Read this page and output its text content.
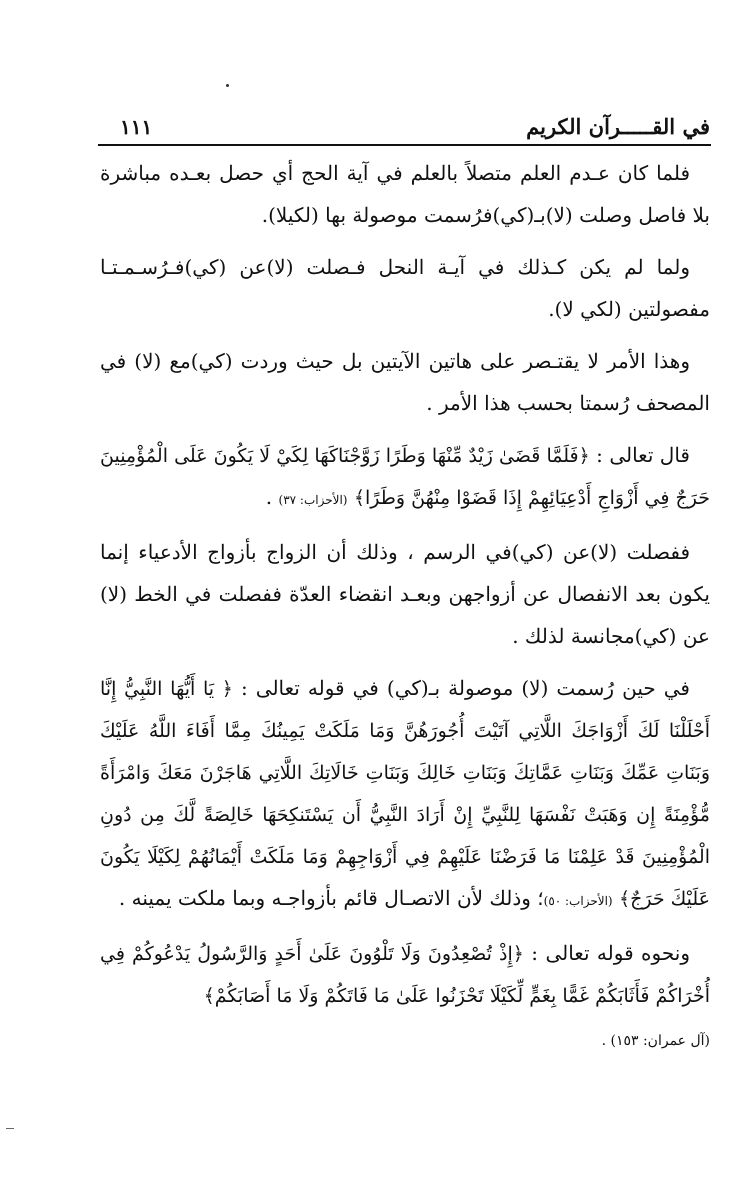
في القـــــرآن الكريم
١١١

فلما كان عـدم العلم متصلاً بالعلم في آية الحج أي حصل بعـده مباشرة بلا فاصل وصلت (لا)بـ(كي)فرُسمت موصولة بها (لكيلا).

ولما لم يكن كـذلك في آيـة النحل فـصلت (لا)عن (كي)فـرُسـمـتـا مفصولتين (لكي لا).

وهذا الأمر لا يقتـصر على هاتين الآيتين بل حيث وردت (كي)مع (لا) في المصحف رُسمتا بحسب هذا الأمر .

قال تعالى : ﴿فَلَمَّا قَضَىٰ زَيْدٌ مِّنْهَا وَطَرًا زَوَّجْنَاكَهَا لِكَيْ لَا يَكُونَ عَلَى الْمُؤْمِنِينَ حَرَجٌ فِي أَزْوَاجِ أَدْعِيَائِهِمْ إِذَا قَضَوْا مِنْهُنَّ وَطَرًا﴾ (الأحزاب: ٣٧) .

ففصلت (لا)عن (كي)في الرسم ، وذلك أن الزواج بأزواج الأدعياء إنما يكون بعد الانفصال عن أزواجهن وبعـد انقضاء العدّة ففصلت في الخط (لا) عن (كي)مجانسة لذلك .

في حين رُسمت (لا) موصولة بـ(كي) في قوله تعالى : ﴿ يَا أَيُّهَا النَّبِيُّ إِنَّا أَحْلَلْنَا لَكَ أَزْوَاجَكَ اللَّاتِي آتَيْتَ أُجُورَهُنَّ وَمَا مَلَكَتْ يَمِينُكَ مِمَّا أَفَاءَ اللَّهُ عَلَيْكَ وَبَنَاتِ عَمِّكَ وَبَنَاتِ عَمَّاتِكَ وَبَنَاتِ خَالِكَ وَبَنَاتِ خَالَاتِكَ اللَّاتِي هَاجَرْنَ مَعَكَ وَامْرَأَةً مُّؤْمِنَةً إِن وَهَبَتْ نَفْسَهَا لِلنَّبِيِّ إِنْ أَرَادَ النَّبِيُّ أَن يَسْتَنكِحَهَا خَالِصَةً لَّكَ مِن دُونِ الْمُؤْمِنِينَ قَدْ عَلِمْنَا مَا فَرَضْنَا عَلَيْهِمْ فِي أَزْوَاجِهِمْ وَمَا مَلَكَتْ أَيْمَانُهُمْ لِكَيْلَا يَكُونَ عَلَيْكَ حَرَجٌ﴾ (الأحزاب: ٥٠)؛ وذلك لأن الاتصـال قائم بأزواجـه وبما ملكت يمينه .

ونحوه قوله تعالى : ﴿إِذْ تُصْعِدُونَ وَلَا تَلْوُونَ عَلَىٰ أَحَدٍ وَالرَّسُولُ يَدْعُوكُمْ فِي أُخْرَاكُمْ فَأَثَابَكُمْ غَمًّا بِغَمٍّ لِّكَيْلَا تَحْزَنُوا عَلَىٰ مَا فَاتَكُمْ وَلَا مَا أَصَابَكُمْ﴾

(آل عمران: ١٥٣) .
